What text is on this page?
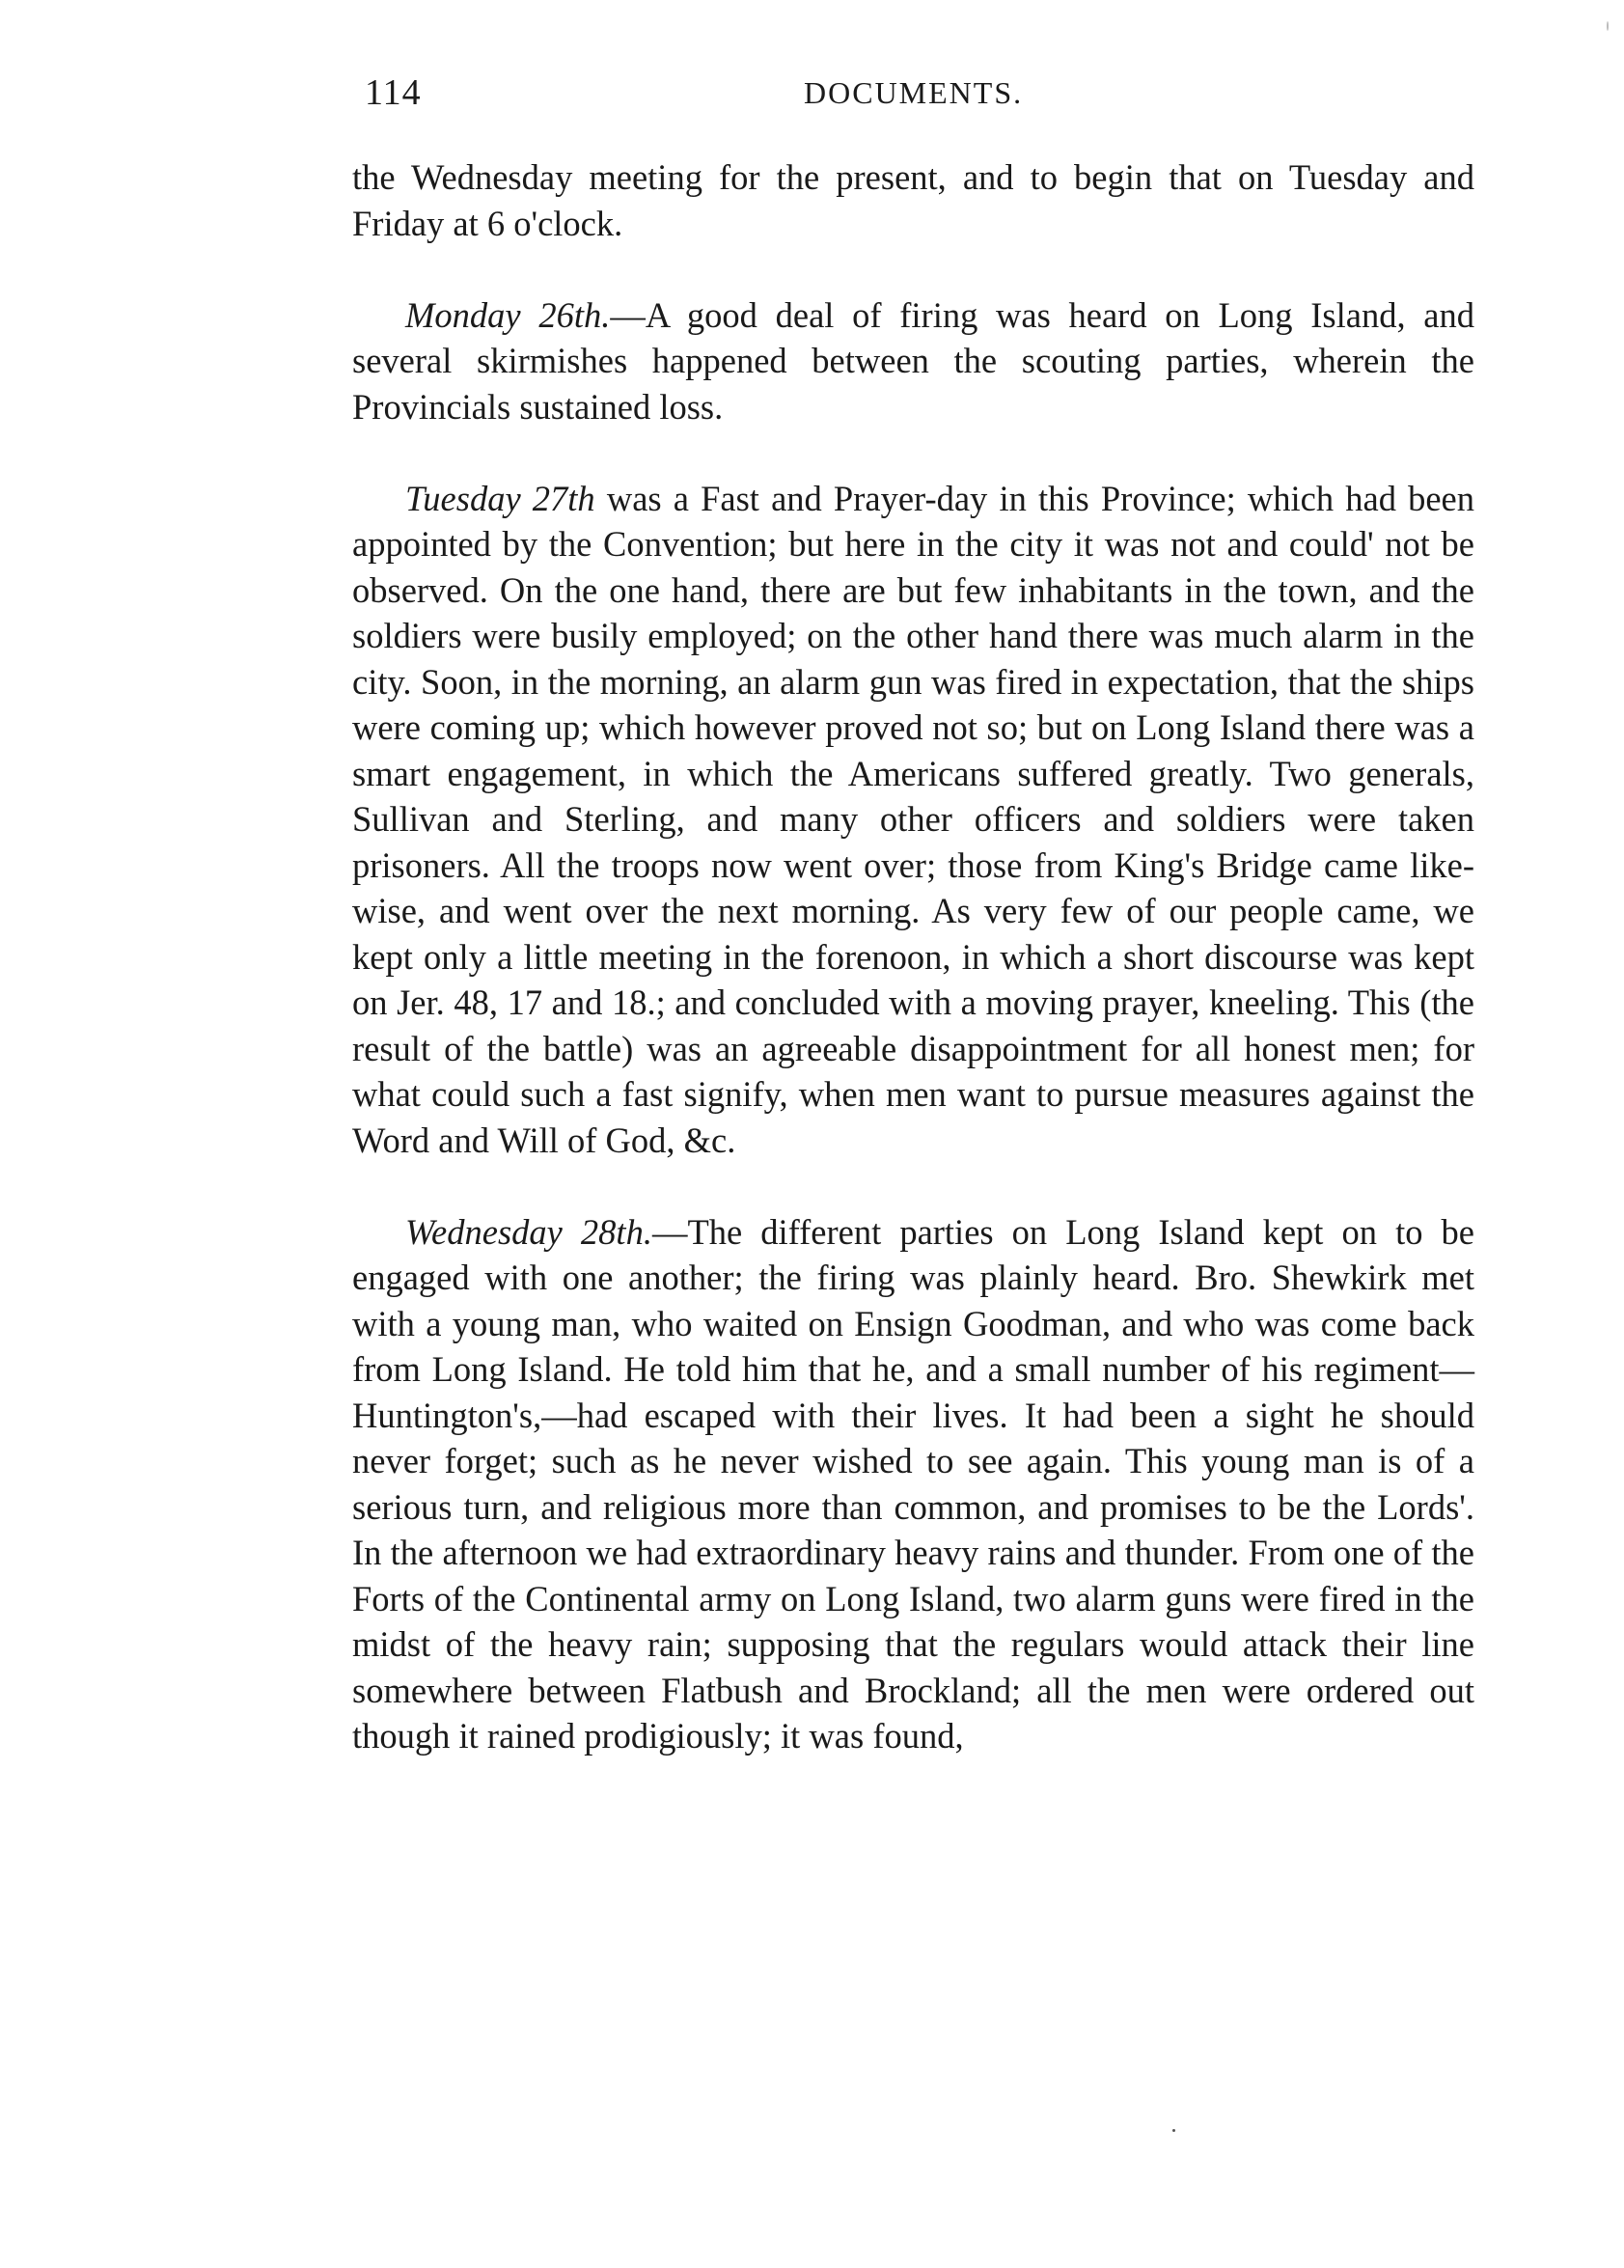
114	DOCUMENTS.

the Wednesday meeting for the present, and to begin that on Tuesday and Friday at 6 o'clock.

Monday 26th.—A good deal of firing was heard on Long Island, and several skirmishes happened between the scouting parties, wherein the Provincials sustained loss.

Tuesday 27th was a Fast and Prayer-day in this Province; which had been appointed by the Convention; but here in the city it was not and could' not be observed. On the one hand, there are but few inhabitants in the town, and the soldiers were busily employed; on the other hand there was much alarm in the city. Soon, in the morning, an alarm gun was fired in expectation, that the ships were coming up; which however proved not so; but on Long Island there was a smart engagement, in which the Americans suffered greatly. Two generals, Sullivan and Sterling, and many other officers and soldiers were taken prisoners. All the troops now went over; those from King's Bridge came likewise, and went over the next morning. As very few of our people came, we kept only a little meeting in the forenoon, in which a short discourse was kept on Jer. 48, 17 and 18.; and concluded with a moving prayer, kneeling. This (the result of the battle) was an agreeable disappointment for all honest men; for what could such a fast signify, when men want to pursue measures against the Word and Will of God, &c.

Wednesday 28th.—The different parties on Long Island kept on to be engaged with one another; the firing was plainly heard. Bro. Shewkirk met with a young man, who waited on Ensign Goodman, and who was come back from Long Island. He told him that he, and a small number of his regiment—Huntington's,—had escaped with their lives. It had been a sight he should never forget; such as he never wished to see again. This young man is of a serious turn, and religious more than common, and promises to be the Lords'. In the afternoon we had extraordinary heavy rains and thunder. From one of the Forts of the Continental army on Long Island, two alarm guns were fired in the midst of the heavy rain; supposing that the regulars would attack their line somewhere between Flatbush and Brockland; all the men were ordered out though it rained prodigiously; it was found,
